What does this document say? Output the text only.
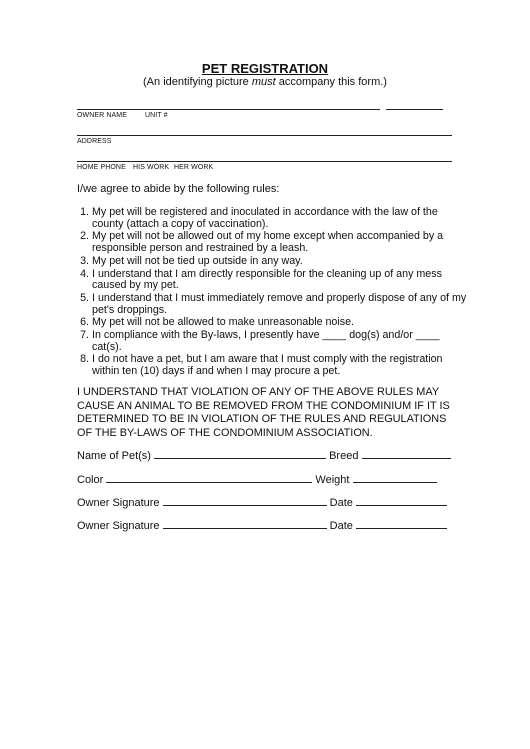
PET REGISTRATION
(An identifying picture must accompany this form.)
OWNER NAME	UNIT #
ADDRESS
HOME PHONE HIS WORK HER WORK
I/we agree to abide by the following rules:
1. My pet will be registered and inoculated in accordance with the law of the county (attach a copy of vaccination).
2. My pet will not be allowed out of my home except when accompanied by a responsible person and restrained by a leash.
3. My pet will not be tied up outside in any way.
4. I understand that I am directly responsible for the cleaning up of any mess caused by my pet.
5. I understand that I must immediately remove and properly dispose of any of my pet's droppings.
6. My pet will not be allowed to make unreasonable noise.
7. In compliance with the By-laws, I presently have ____ dog(s) and/or ____ cat(s).
8. I do not have a pet, but I am aware that I must comply with the registration within ten (10) days if and when I may procure a pet.
I UNDERSTAND THAT VIOLATION OF ANY OF THE ABOVE RULES MAY CAUSE AN ANIMAL TO BE REMOVED FROM THE CONDOMINIUM IF IT IS DETERMINED TO BE IN VIOLATION OF THE RULES AND REGULATIONS OF THE BY-LAWS OF THE CONDOMINIUM ASSOCIATION.
Name of Pet(s)	Breed
Color	Weight
Owner Signature	Date
Owner Signature	Date
